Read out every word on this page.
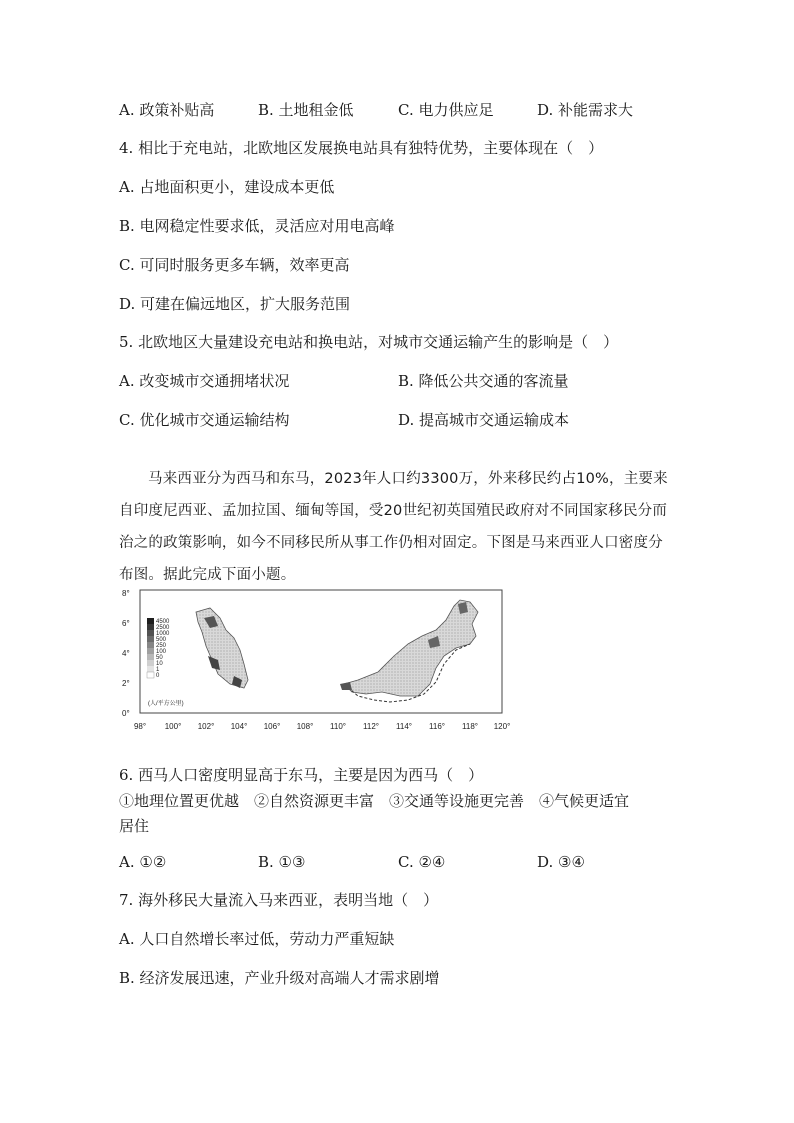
A. 政策补贴高	B. 土地租金低	C. 电力供应足	D. 补能需求大
4. 相比于充电站，北欧地区发展换电站具有独特优势，主要体现在（　）
A. 占地面积更小，建设成本更低
B. 电网稳定性要求低，灵活应对用电高峰
C. 可同时服务更多车辆，效率更高
D. 可建在偏远地区，扩大服务范围
5. 北欧地区大量建设充电站和换电站，对城市交通运输产生的影响是（　）
A. 改变城市交通拥堵状况	B. 降低公共交通的客流量
C. 优化城市交通运输结构	D. 提高城市交通运输成本
马来西亚分为西马和东马，2023年人口约3300万，外来移民约占10%，主要来自印度尼西亚、孟加拉国、缅甸等国，受20世纪初英国殖民政府对不同国家移民分而治之的政策影响，如今不同移民所从事工作仍相对固定。下图是马来西亚人口密度分布图。据此完成下面小题。
4500
2500
1000
500
250
100
50
10
1
0
(人/平方公里)
8°
6°
4°
2°
0°
98° 100° 102° 104° 106° 108° 110° 112° 114° 116° 118° 120°
6. 西马人口密度明显高于东马，主要是因为西马（　）
①地理位置更优越　②自然资源更丰富　③交通等设施更完善　④气候更适宜
居住
A. ①②	B. ①③	C. ②④	D. ③④
7. 海外移民大量流入马来西亚，表明当地（　）
A. 人口自然增长率过低，劳动力严重短缺
B. 经济发展迅速，产业升级对高端人才需求剧增
